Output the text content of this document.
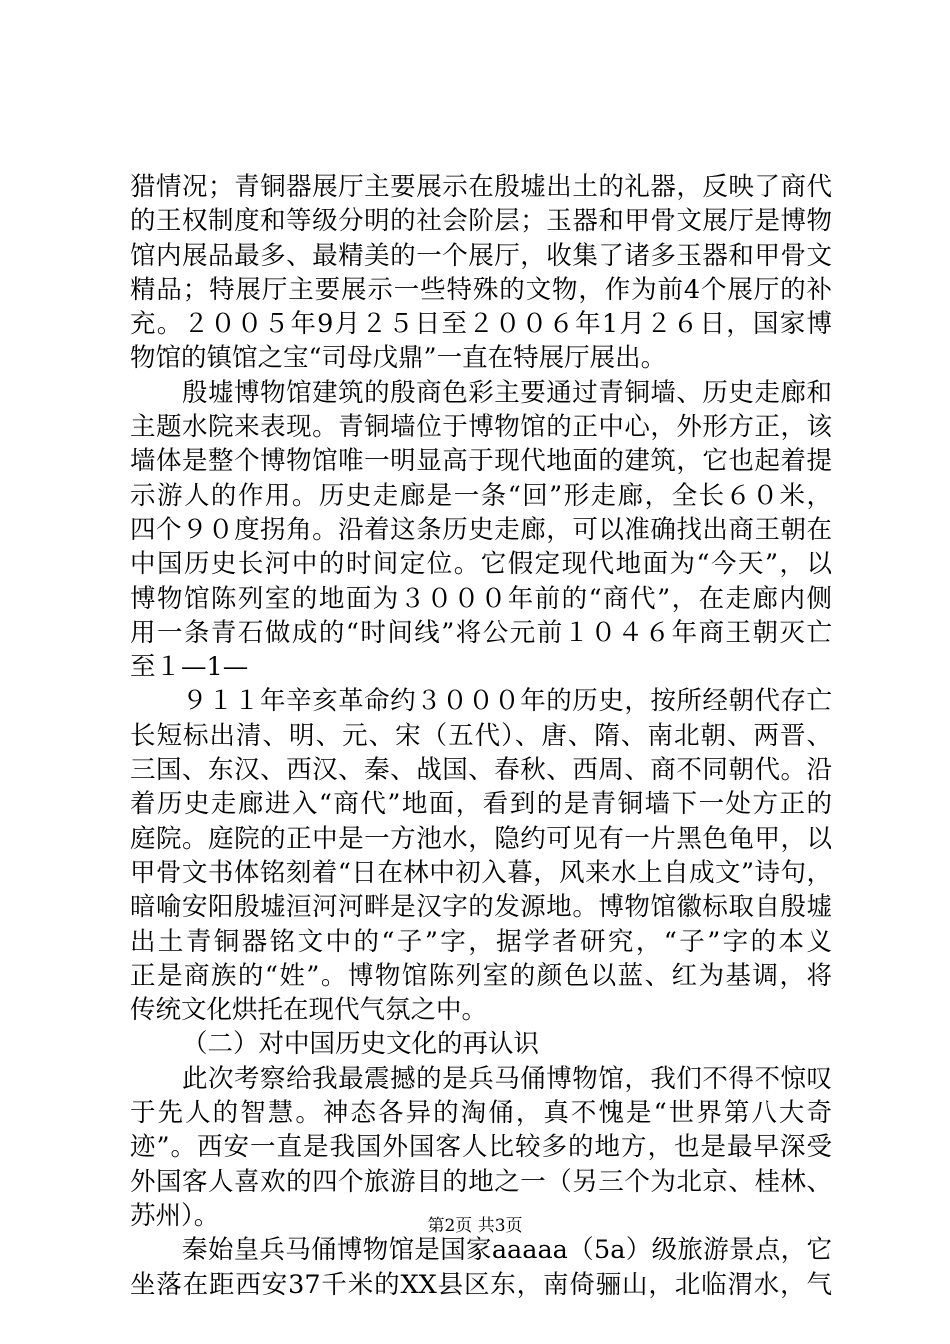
猎情况；青铜器展厅主要展示在殷墟出土的礼器，反映了商代
的王权制度和等级分明的社会阶层；玉器和甲骨文展厅是博物
馆内展品最多、最精美的一个展厅，收集了诸多玉器和甲骨文
精品；特展厅主要展示一些特殊的文物，作为前4个展厅的补
充。２００５年9月２５日至２００６年1月２６日，国家博
物馆的镇馆之宝“司母戊鼎”一直在特展厅展出。
殷墟博物馆建筑的殷商色彩主要通过青铜墙、历史走廊和
主题水院来表现。青铜墙位于博物馆的正中心，外形方正，该
墙体是整个博物馆唯一明显高于现代地面的建筑，它也起着提
示游人的作用。历史走廊是一条“回”形走廊，全长６０米，
四个９０度拐角。沿着这条历史走廊，可以准确找出商王朝在
中国历史长河中的时间定位。它假定现代地面为“今天”，以
博物馆陈列室的地面为３０００年前的“商代”，在走廊内侧
用一条青石做成的“时间线”将公元前１０４６年商王朝灭亡
至１—1—
９１１年辛亥革命约３０００年的历史，按所经朝代存亡
长短标出清、明、元、宋（五代）、唐、隋、南北朝、两晋、
三国、东汉、西汉、秦、战国、春秋、西周、商不同朝代。沿
着历史走廊进入“商代”地面，看到的是青铜墙下一处方正的
庭院。庭院的正中是一方池水，隐约可见有一片黑色龟甲，以
甲骨文书体铭刻着“日在林中初入暮，风来水上自成文”诗句，
暗喻安阳殷墟洹河河畔是汉字的发源地。博物馆徽标取自殷墟
出土青铜器铭文中的“子”字，据学者研究，“子”字的本义
正是商族的“姓”。博物馆陈列室的颜色以蓝、红为基调，将
传统文化烘托在现代气氛之中。
（二）对中国历史文化的再认识
此次考察给我最震撼的是兵马俑博物馆，我们不得不惊叹
于先人的智慧。神态各异的淘俑，真不愧是“世界第八大奇
迹”。西安一直是我国外国客人比较多的地方，也是最早深受
外国客人喜欢的四个旅游目的地之一（另三个为北京、桂林、
苏州）。
秦始皇兵马俑博物馆是国家aaaaa（5a）级旅游景点，它
坐落在距西安37千米的XX县区东，南倚骊山，北临渭水，气
第2页 共3页
